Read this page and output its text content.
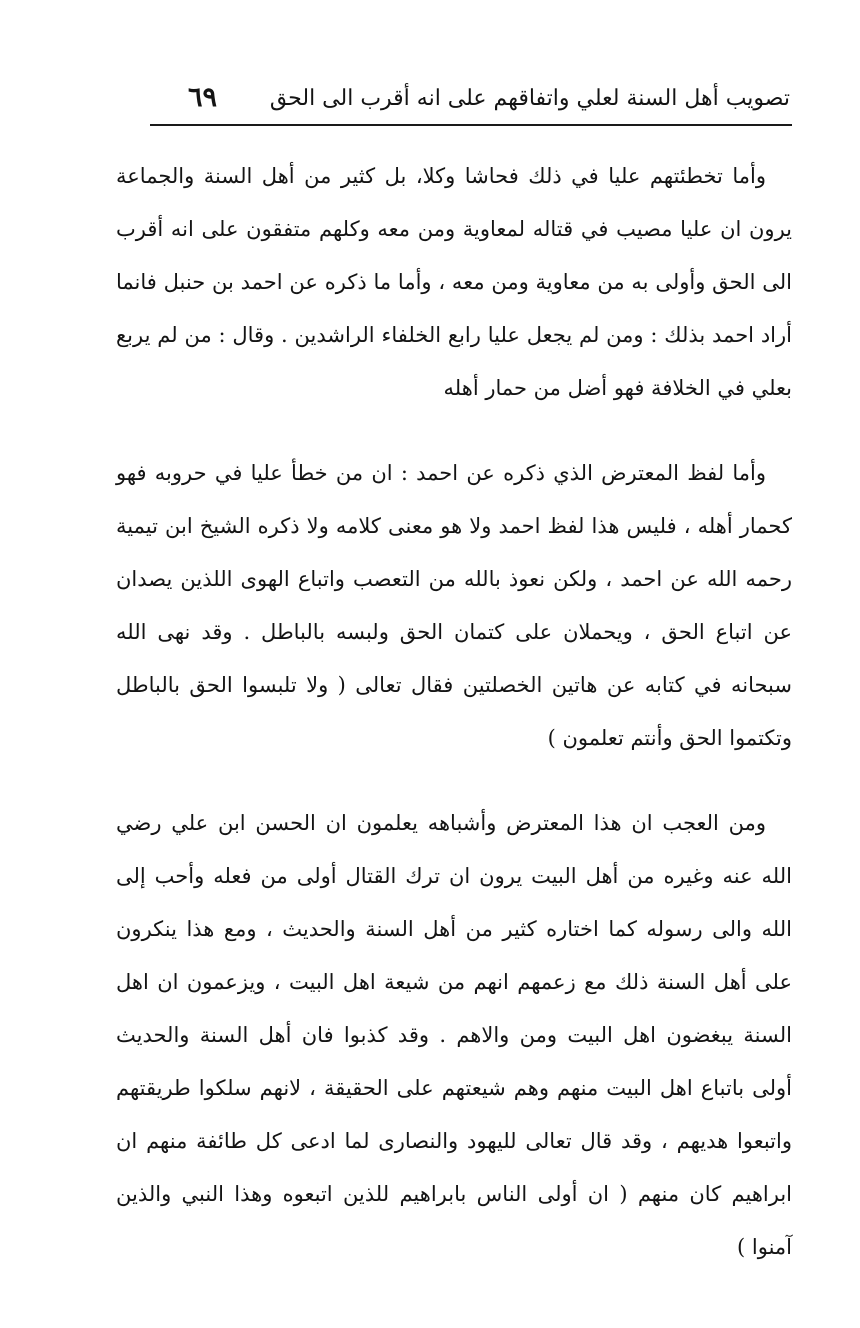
تصويب أهل السنة لعلي واتفاقهم على انه أقرب الى الحق
٦٩

وأما تخطئتهم عليا في ذلك فحاشا وكلا، بل كثير من أهل السنة والجماعة يرون ان عليا مصيب في قتاله لمعاوية ومن معه وكلهم متفقون على انه أقرب الى الحق وأولى به من معاوية ومن معه ، وأما ما ذكره عن احمد بن حنبل فانما أراد احمد بذلك : ومن لم يجعل عليا رابع الخلفاء الراشدين . وقال : من لم يربع بعلي في الخلافة فهو أضل من حمار أهله

وأما لفظ المعترض الذي ذكره عن احمد : ان من خطأ عليا في حروبه فهو كحمار أهله ، فليس هذا لفظ احمد ولا هو معنى كلامه ولا ذكره الشيخ ابن تيمية رحمه الله عن احمد ، ولكن نعوذ بالله من التعصب واتباع الهوى اللذين يصدان عن اتباع الحق ، ويحملان على كتمان الحق ولبسه بالباطل . وقد نهى الله سبحانه في كتابه عن هاتين الخصلتين فقال تعالى ( ولا تلبسوا الحق بالباطل وتكتموا الحق وأنتم تعلمون )

ومن العجب ان هذا المعترض وأشباهه يعلمون ان الحسن ابن علي رضي الله عنه وغيره من أهل البيت يرون ان ترك القتال أولى من فعله وأحب إلى الله والى رسوله كما اختاره كثير من أهل السنة والحديث ، ومع هذا ينكرون على أهل السنة ذلك مع زعمهم انهم من شيعة اهل البيت ، ويزعمون ان اهل السنة يبغضون اهل البيت ومن والاهم . وقد كذبوا فان أهل السنة والحديث أولى باتباع اهل البيت منهم وهم شيعتهم على الحقيقة ، لانهم سلكوا طريقتهم واتبعوا هديهم ، وقد قال تعالى لليهود والنصارى لما ادعى كل طائفة منهم ان ابراهيم كان منهم ( ان أولى الناس بابراهيم للذين اتبعوه وهذا النبي والذين آمنوا )
